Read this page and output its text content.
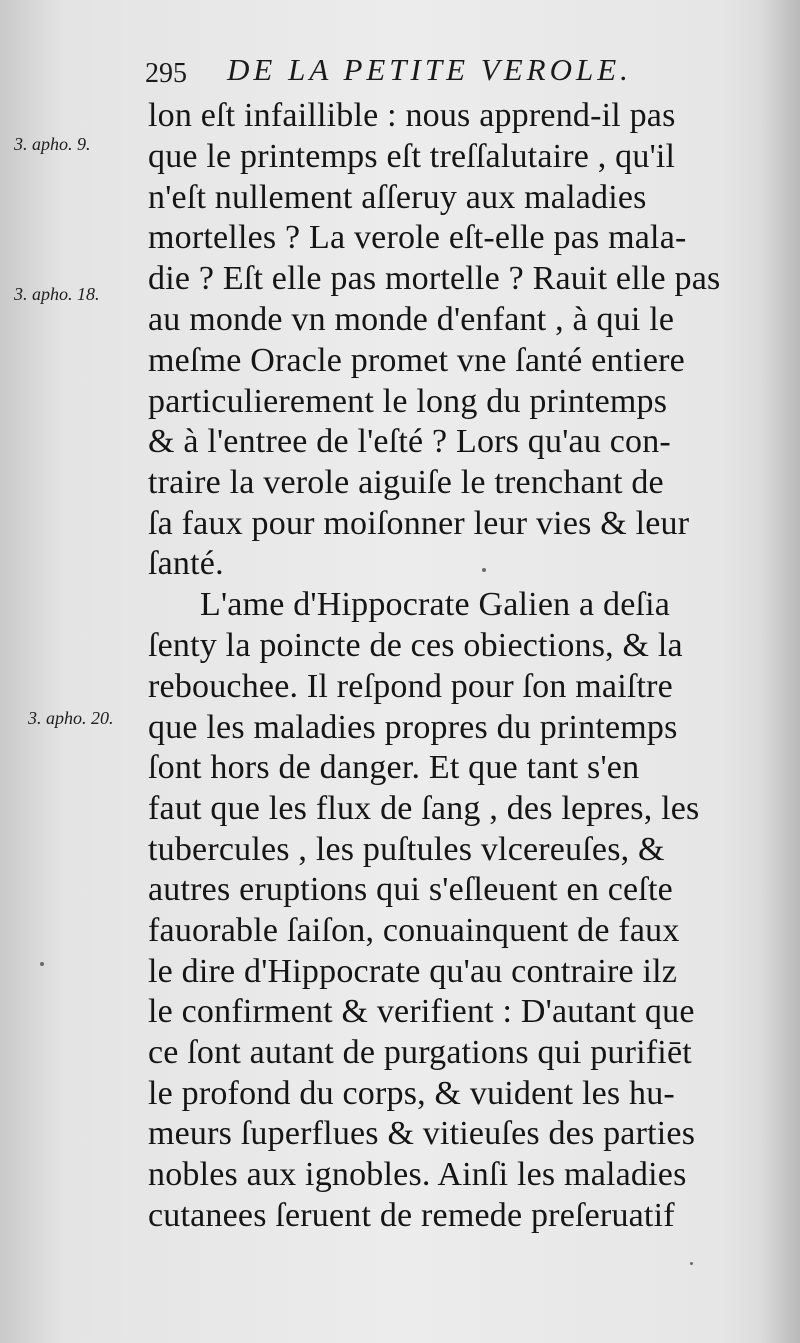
295 DE LA PETITE VEROLE.
3. apho. 9.
3. apho. 18.
3. apho. 20.
lon eſt infaillible : nous apprend-il pas
que le printemps eſt treſſalutaire , qu'il
n'eſt nullement aſſeruy aux maladies
mortelles ? La verole eſt-elle pas mala-
die ? Eſt elle pas mortelle ? Rauit elle pas
au monde vn monde d'enfant , à qui le
meſme Oracle promet vne ſanté entiere
particulierement le long du printemps
& à l'entree de l'eſté ? Lors qu'au con-
traire la verole aiguiſe le trenchant de
ſa faux pour moiſonner leur vies & leur
ſanté.
L'ame d'Hippocrate Galien a deſia
ſenty la poincte de ces obiections, & la
rebouchee. Il reſpond pour ſon maiſtre
que les maladies propres du printemps
ſont hors de danger. Et que tant s'en
faut que les flux de ſang , des lepres, les
tubercules , les puſtules vlcereuſes, &
autres eruptions qui s'eſleuent en ceſte
fauorable ſaiſon, conuainquent de faux
le dire d'Hippocrate qu'au contraire ilz
le confirment & verifient : D'autant que
ce ſont autant de purgations qui purifiēt
le profond du corps, & vuident les hu-
meurs ſuperflues & vitieuſes des parties
nobles aux ignobles. Ainſi les maladies
cutanees ſeruent de remede preſeruatif
